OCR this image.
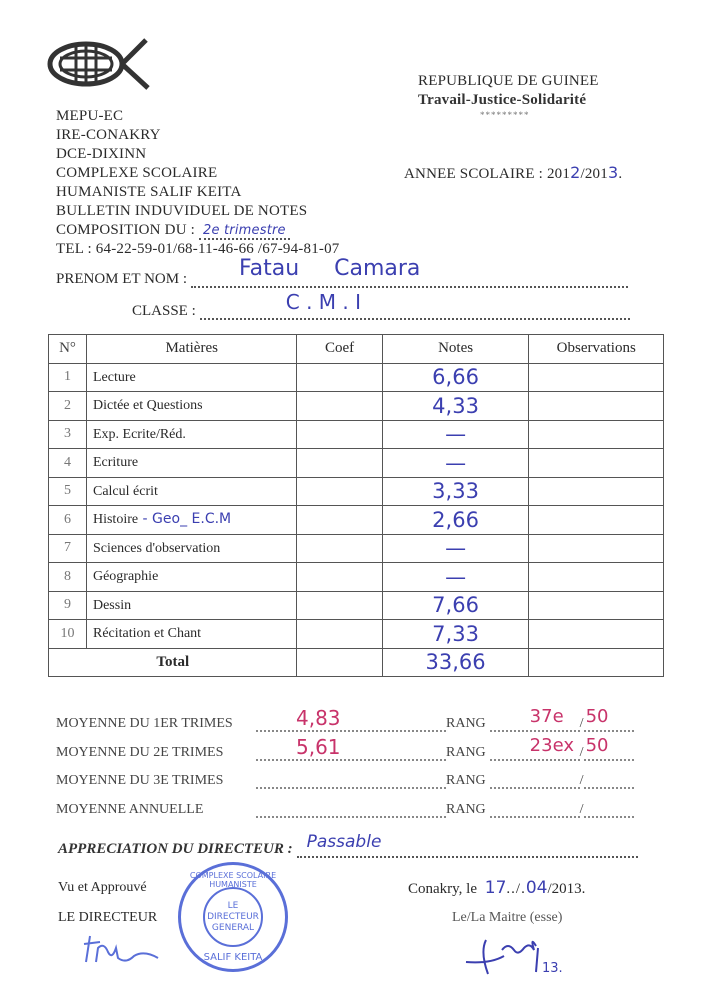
MEPU-EC
IRE-CONAKRY
DCE-DIXINN
COMPLEXE SCOLAIRE
HUMANISTE SALIF KEITA
BULLETIN INDUVIDUEL DE NOTES
COMPOSITION DU : 2e trimestre
TEL : 64-22-59-01/68-11-46-66 /67-94-81-07
REPUBLIQUE DE GUINEE
Travail-Justice-Solidarité
*********
ANNEE SCOLAIRE : 2012/2013.
PRENOM ET NOM : Fatau     Camara
CLASSE :	C . M . I
N°	Matières	Coef	Notes	Observations
1	Lecture		6,66	
2	Dictée et Questions		4,33	
3	Exp. Ecrite/Réd.		—	
4	Ecriture		—	
5	Calcul écrit		3,33	
6	Histoire - Geo_ E.C.M		2,66	
7	Sciences d'observation		—	
8	Géographie		—	
9	Dessin		7,66	
10	Récitation et Chant		7,33	
Total			33,66	
MOYENNE DU 1ER TRIMES	4,83	RANG 37e / 50
MOYENNE DU 2E TRIMES	5,61	RANG 23ex / 50
MOYENNE DU 3E TRIMES	RANG	/
MOYENNE ANNUELLE	RANG	/
APPRECIATION DU DIRECTEUR : Passable
Vu et Approuvé
LE DIRECTEUR
COMPLEXE SCOLAIRE HUMANISTE
LE
DIRECTEUR
GENERAL
SALIF KEITA
Conakry, le 17../.04/2013.
Le/La Maitre (esse)
13.
